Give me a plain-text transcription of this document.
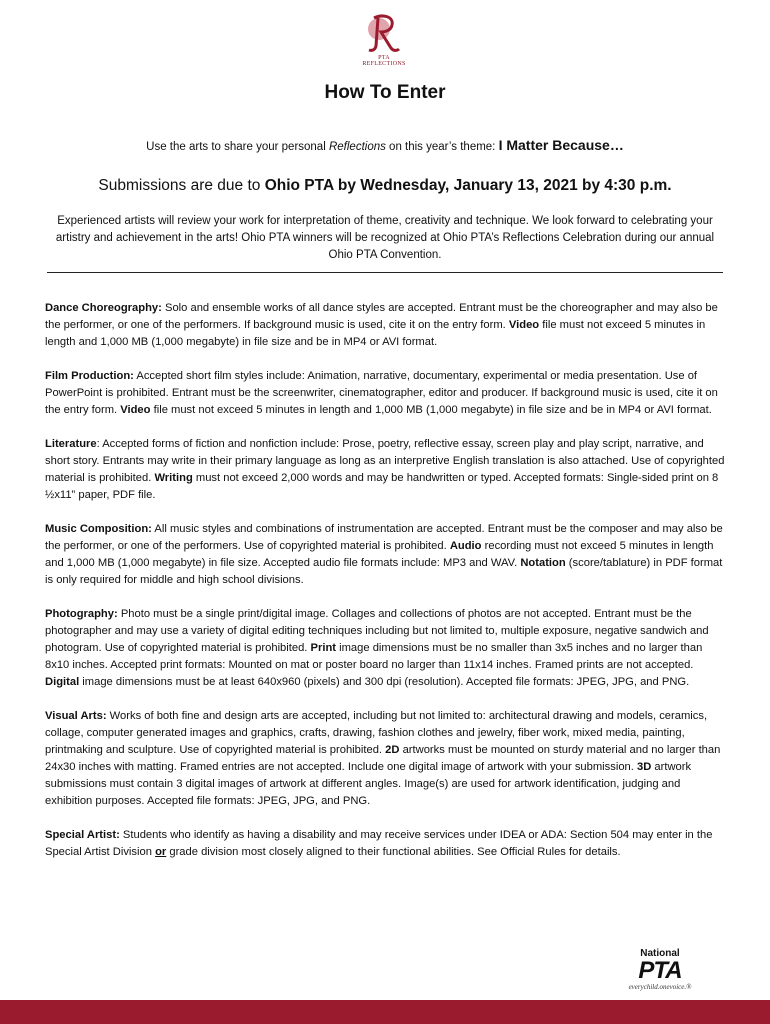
PTA REFLECTIONS
How To Enter
Use the arts to share your personal Reflections on this year’s theme: I Matter Because…
Submissions are due to Ohio PTA by Wednesday, January 13, 2021 by 4:30 p.m.
Experienced artists will review your work for interpretation of theme, creativity and technique. We look forward to celebrating your artistry and achievement in the arts! Ohio PTA winners will be recognized at Ohio PTA’s Reflections Celebration during our annual Ohio PTA Convention.

Dance Choreography: Solo and ensemble works of all dance styles are accepted. Entrant must be the choreographer and may also be the performer, or one of the performers. If background music is used, cite it on the entry form. Video file must not exceed 5 minutes in length and 1,000 MB (1,000 megabyte) in file size and be in MP4 or AVI format.

Film Production: Accepted short film styles include: Animation, narrative, documentary, experimental or media presentation. Use of PowerPoint is prohibited. Entrant must be the screenwriter, cinematographer, editor and producer. If background music is used, cite it on the entry form. Video file must not exceed 5 minutes in length and 1,000 MB (1,000 megabyte) in file size and be in MP4 or AVI format.

Literature: Accepted forms of fiction and nonfiction include: Prose, poetry, reflective essay, screen play and play script, narrative, and short story. Entrants may write in their primary language as long as an interpretive English translation is also attached. Use of copyrighted material is prohibited. Writing must not exceed 2,000 words and may be handwritten or typed. Accepted formats: Single-sided print on 8 ½x11” paper, PDF file.

Music Composition: All music styles and combinations of instrumentation are accepted. Entrant must be the composer and may also be the performer, or one of the performers. Use of copyrighted material is prohibited. Audio recording must not exceed 5 minutes in length and 1,000 MB (1,000 megabyte) in file size. Accepted audio file formats include: MP3 and WAV. Notation (score/tablature) in PDF format is only required for middle and high school divisions.

Photography: Photo must be a single print/digital image. Collages and collections of photos are not accepted. Entrant must be the photographer and may use a variety of digital editing techniques including but not limited to, multiple exposure, negative sandwich and photogram. Use of copyrighted material is prohibited. Print image dimensions must be no smaller than 3x5 inches and no larger than 8x10 inches. Accepted print formats: Mounted on mat or poster board no larger than 11x14 inches. Framed prints are not accepted. Digital image dimensions must be at least 640x960 (pixels) and 300 dpi (resolution). Accepted file formats: JPEG, JPG, and PNG.

Visual Arts: Works of both fine and design arts are accepted, including but not limited to: architectural drawing and models, ceramics, collage, computer generated images and graphics, crafts, drawing, fashion clothes and jewelry, fiber work, mixed media, painting, printmaking and sculpture. Use of copyrighted material is prohibited. 2D artworks must be mounted on sturdy material and no larger than 24x30 inches with matting. Framed entries are not accepted. Include one digital image of artwork with your submission. 3D artwork submissions must contain 3 digital images of artwork at different angles. Image(s) are used for artwork identification, judging and exhibition purposes. Accepted file formats: JPEG, JPG, and PNG.

Special Artist: Students who identify as having a disability and may receive services under IDEA or ADA: Section 504 may enter in the Special Artist Division or grade division most closely aligned to their functional abilities. See Official Rules for details.

National
PTA
everychild.onevoice.®
